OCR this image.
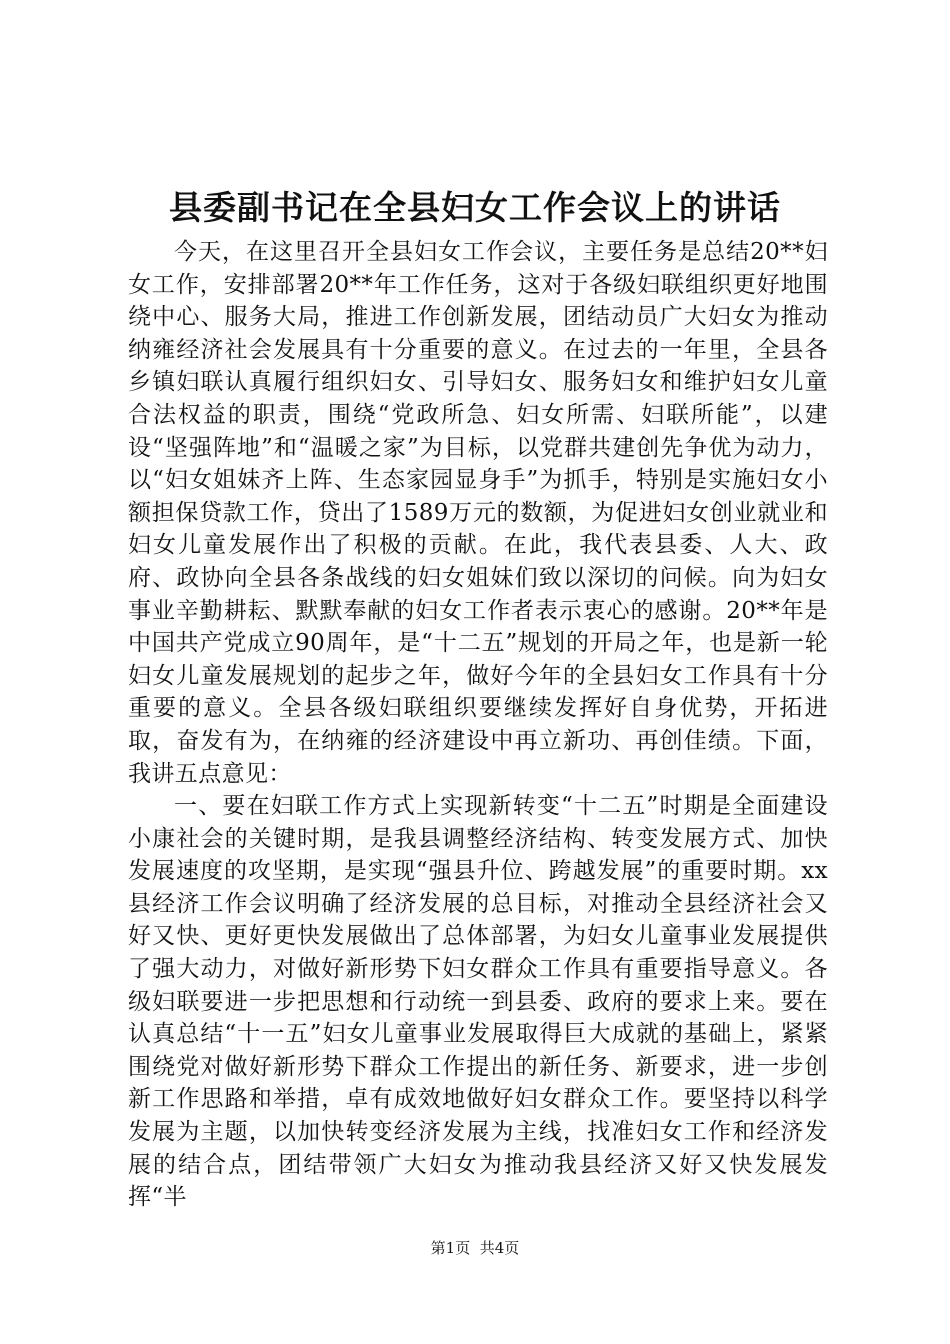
县委副书记在全县妇女工作会议上的讲话

今天，在这里召开全县妇女工作会议，主要任务是总结20**妇女工作，安排部署20**年工作任务，这对于各级妇联组织更好地围绕中心、服务大局，推进工作创新发展，团结动员广大妇女为推动纳雍经济社会发展具有十分重要的意义。在过去的一年里，全县各乡镇妇联认真履行组织妇女、引导妇女、服务妇女和维护妇女儿童合法权益的职责，围绕“党政所急、妇女所需、妇联所能”，以建设“坚强阵地”和“温暖之家”为目标，以党群共建创先争优为动力，以“妇女姐妹齐上阵、生态家园显身手”为抓手，特别是实施妇女小额担保贷款工作，贷出了1589万元的数额，为促进妇女创业就业和妇女儿童发展作出了积极的贡献。在此，我代表县委、人大、政府、政协向全县各条战线的妇女姐妹们致以深切的问候。向为妇女事业辛勤耕耘、默默奉献的妇女工作者表示衷心的感谢。20**年是中国共产党成立90周年，是“十二五”规划的开局之年，也是新一轮妇女儿童发展规划的起步之年，做好今年的全县妇女工作具有十分重要的意义。全县各级妇联组织要继续发挥好自身优势，开拓进取，奋发有为，在纳雍的经济建设中再立新功、再创佳绩。下面，我讲五点意见：

一、要在妇联工作方式上实现新转变“十二五”时期是全面建设小康社会的关键时期，是我县调整经济结构、转变发展方式、加快发展速度的攻坚期，是实现“强县升位、跨越发展”的重要时期。xx县经济工作会议明确了经济发展的总目标，对推动全县经济社会又好又快、更好更快发展做出了总体部署，为妇女儿童事业发展提供了强大动力，对做好新形势下妇女群众工作具有重要指导意义。各级妇联要进一步把思想和行动统一到县委、政府的要求上来。要在认真总结“十一五”妇女儿童事业发展取得巨大成就的基础上，紧紧围绕党对做好新形势下群众工作提出的新任务、新要求，进一步创新工作思路和举措，卓有成效地做好妇女群众工作。要坚持以科学发展为主题，以加快转变经济发展为主线，找准妇女工作和经济发展的结合点，团结带领广大妇女为推动我县经济又好又快发展发挥“半

第1页 共4页
